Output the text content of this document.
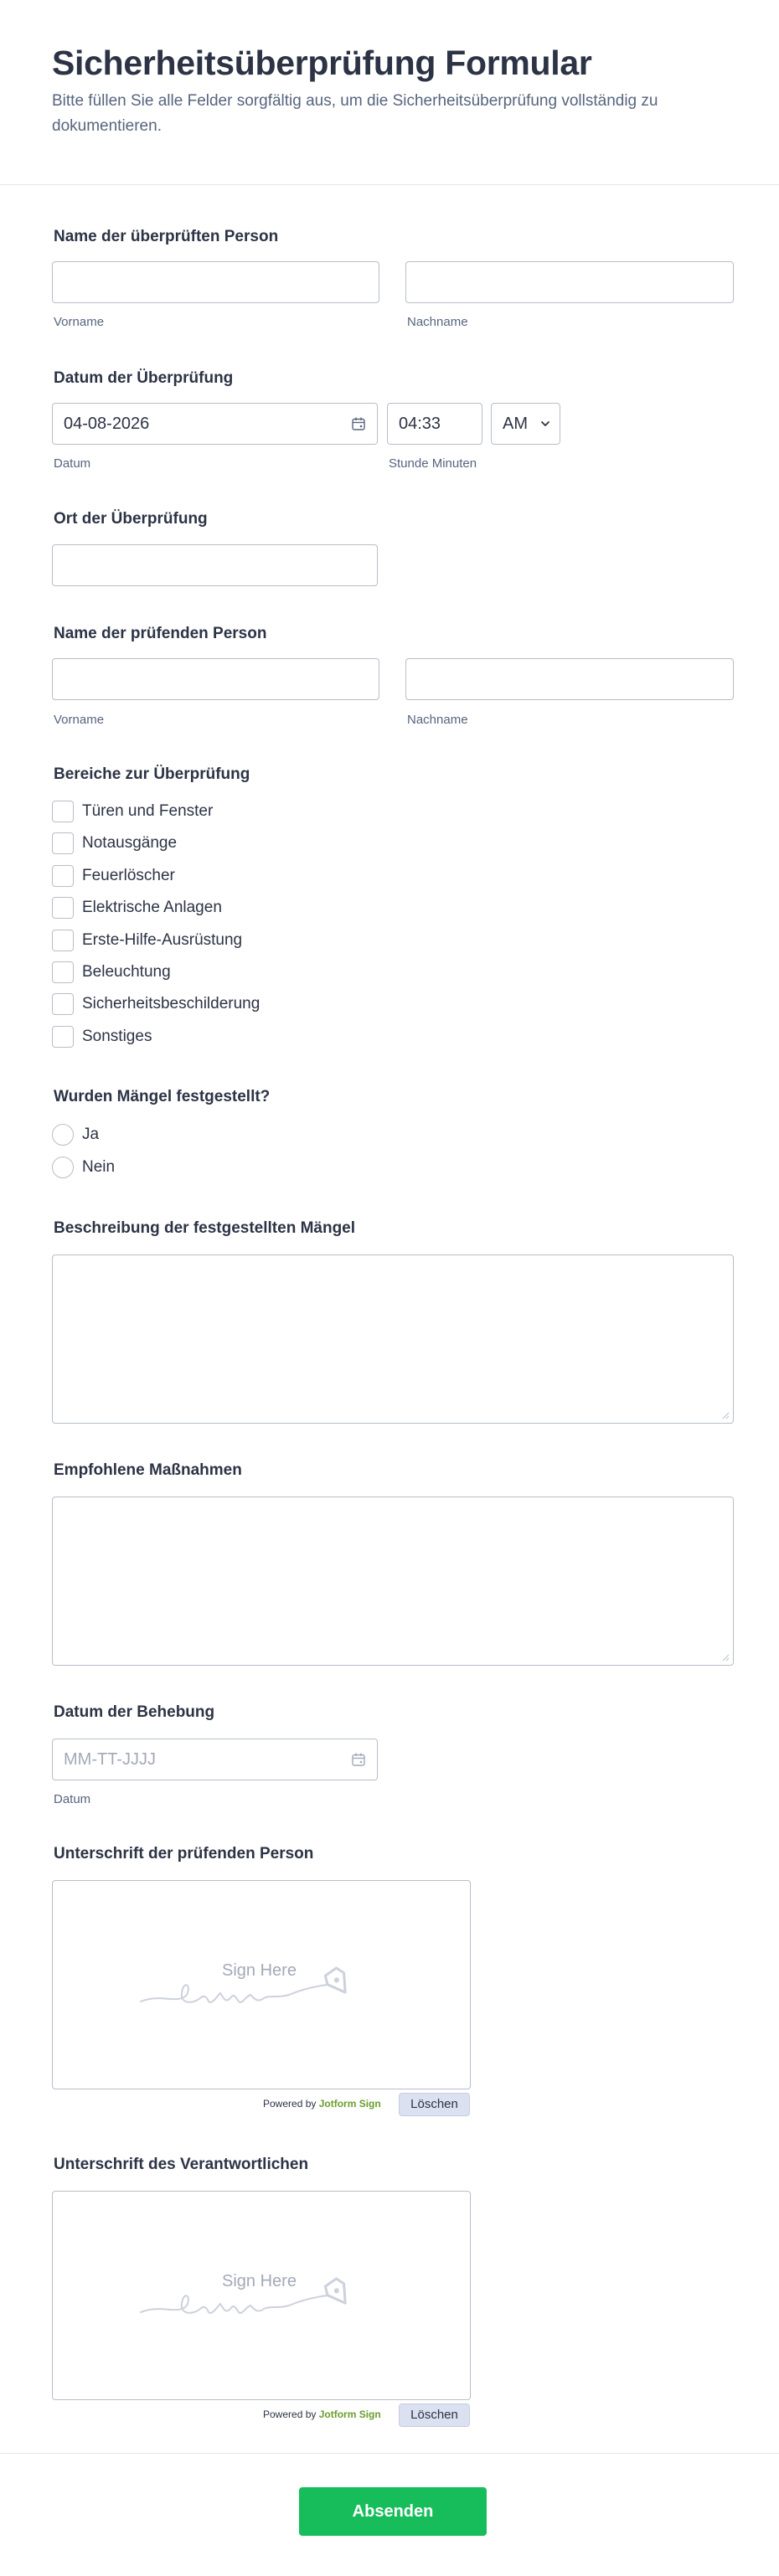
Sicherheitsüberprüfung Formular

Bitte füllen Sie alle Felder sorgfältig aus, um die Sicherheitsüberprüfung vollständig zu dokumentieren.

Name der überprüften Person
Vorname	Nachname
Datum der Überprüfung
04-08-2026	04:33	AM
Datum	Stunde Minuten
Ort der Überprüfung
Name der prüfenden Person
Vorname	Nachname
Bereiche zur Überprüfung
Türen und Fenster
Notausgänge
Feuerlöscher
Elektrische Anlagen
Erste-Hilfe-Ausrüstung
Beleuchtung
Sicherheitsbeschilderung
Sonstiges
Wurden Mängel festgestellt?
Ja
Nein
Beschreibung der festgestellten Mängel
Empfohlene Maßnahmen
Datum der Behebung
MM-TT-JJJJ
Datum
Unterschrift der prüfenden Person
Sign Here
Powered by Jotform Sign	Löschen
Unterschrift des Verantwortlichen
Sign Here
Powered by Jotform Sign	Löschen
Absenden
